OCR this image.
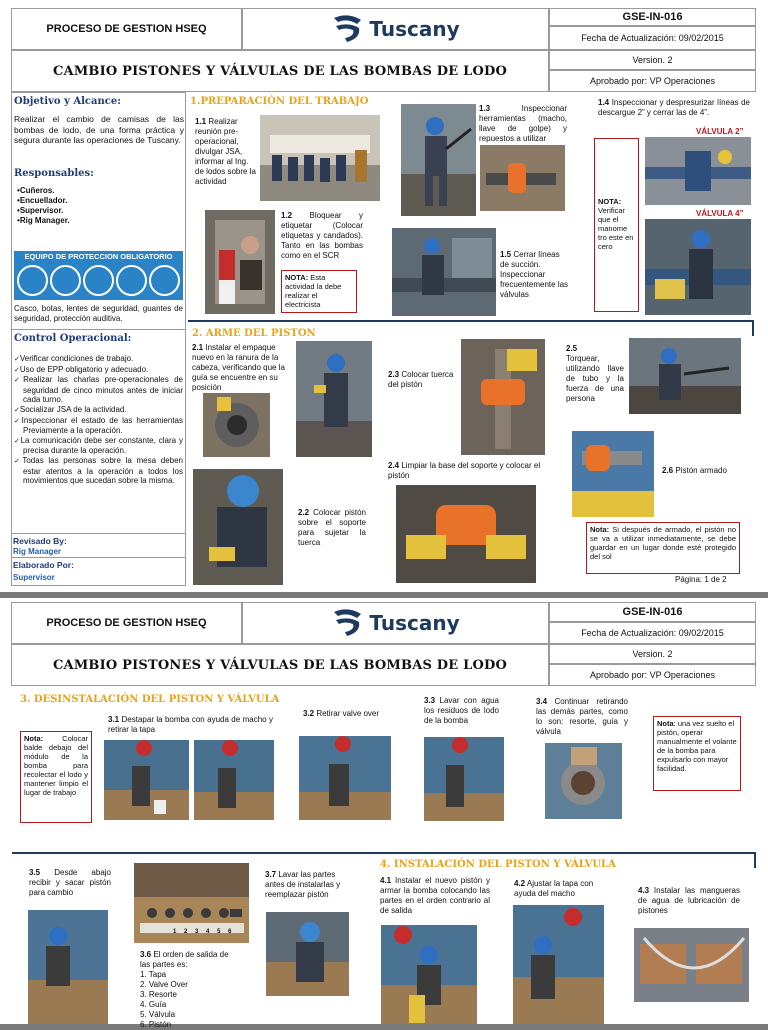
PROCESO DE GESTION HSEQ	Tuscany	GSE-IN-016
Fecha de Actualización: 09/02/2015
CAMBIO PISTONES Y VÁLVULAS DE LAS BOMBAS DE LODO
Version. 2
Aprobado por: VP Operaciones
Objetivo y Alcance:
Realizar el cambio de camisas de las bombas de lodo, de una forma práctica y segura durante las operaciones de Tuscany.
Responsables:
• Cuñeros.
• Encuellador.
• Supervisor.
• Rig Manager.
EQUIPO DE PROTECCION OBLIGATORIO
Casco, botas, lentes de seguridad, guantes de seguridad, protección auditiva.
Control Operacional:
✓ Verificar condiciones de trabajo.
✓ Uso de EPP obligatorio y adecuado.
✓ Realizar las charlas pre-operacionales de seguridad de cinco minutos antes de iniciar cada turno.
✓ Socializar JSA de la actividad.
✓ Inspeccionar el estado de las herramientas Previamente a la operación.
✓ La comunicación debe ser constante, clara y precisa durante la operación.
✓ Todas las personas sobre la mesa deben estar atentos a la operación a todos los movimientos que sucedan sobre la misma.
Revisado By:
Rig Manager
Elaborado Por:
Supervisor
1.PREPARACIÓN DEL TRABAJO
1.1 Realizar reunión pre-operacional, divulgar JSA, informar al Ing. de lodos sobre la actividad
1.2 Bloquear y etiquetar (Colocar etiquetas y candados). Tanto en las bombas como en el SCR
NOTA: Esta actividad la debe realizar el electricista
1.3	Inspeccionar herramientas (macho, llave de golpe) y repuestos a utilizar
1.5 Cerrar líneas de succión. Inspeccionar frecuentemente las válvulas
1.4 Inspeccionar y despresurizar líneas de descargue 2” y cerrar las de 4”.
VÁLVULA 2”
VÁLVULA 4”
NOTA:
Verificar que el manome tro este en cero
2. ARME DEL PISTON
2.1 Instalar el empaque nuevo en la ranura de la cabeza, verificando que la guía se encuentre en su posición
2.2 Colocar pistón sobre el soporte para sujetar la tuerca
2.3 Colocar tuerca del pistón
2.4 Limpiar la base del soporte y colocar el pistón
2.5
Torquear, utilizando llave de tubo y la fuerza de una persona
2.6 Pistón armado
Nota: Si después de armado, el pistón no se va a utilizar inmediatamente, se debe guardar en un lugar donde esté protegido del sol
Página: 1 de 2
PROCESO DE GESTION HSEQ	Tuscany	GSE-IN-016
Fecha de Actualización: 09/02/2015
CAMBIO PISTONES Y VÁLVULAS DE LAS BOMBAS DE LODO
Version. 2
Aprobado por: VP Operaciones
3. DESINSTALACIÓN DEL PISTON Y VÁLVULA
3.1 Destapar la bomba con ayuda de macho y retirar la tapa
Nota:	Colocar balde debajo del módulo de la bomba para recolectar el lodo y mantener limpio el lugar de trabajo
3.2 Retirar valve over
3.3 Lavar con agua los residuos de lodo de la bomba
3.4 Continuar retirando las demás partes, como lo son: resorte, guía y válvula
Nota: una vez suelto el pistón, operar manualmente el volante de la bomba para expulsarlo con mayor facilidad.
3.5 Desde abajo recibir y sacar pistón para cambio
1 2 3 4 5 6
3.6 El orden de salida de las partes es:
1. Tapa
2. Valve Over
3. Resorte
4. Guía
5. Válvula
6. Pistón
3.7 Lavar las partes antes de instalarlas y reemplazar pistón
4. INSTALACIÓN DEL PISTON Y VÁLVULA
4.1 Instalar el nuevo pistón y armar la bomba colocando las partes en el orden contrario al de salida
4.2 Ajustar la tapa con ayuda del macho	4.3 Instalar las mangueras de agua de lubricación de pistones
